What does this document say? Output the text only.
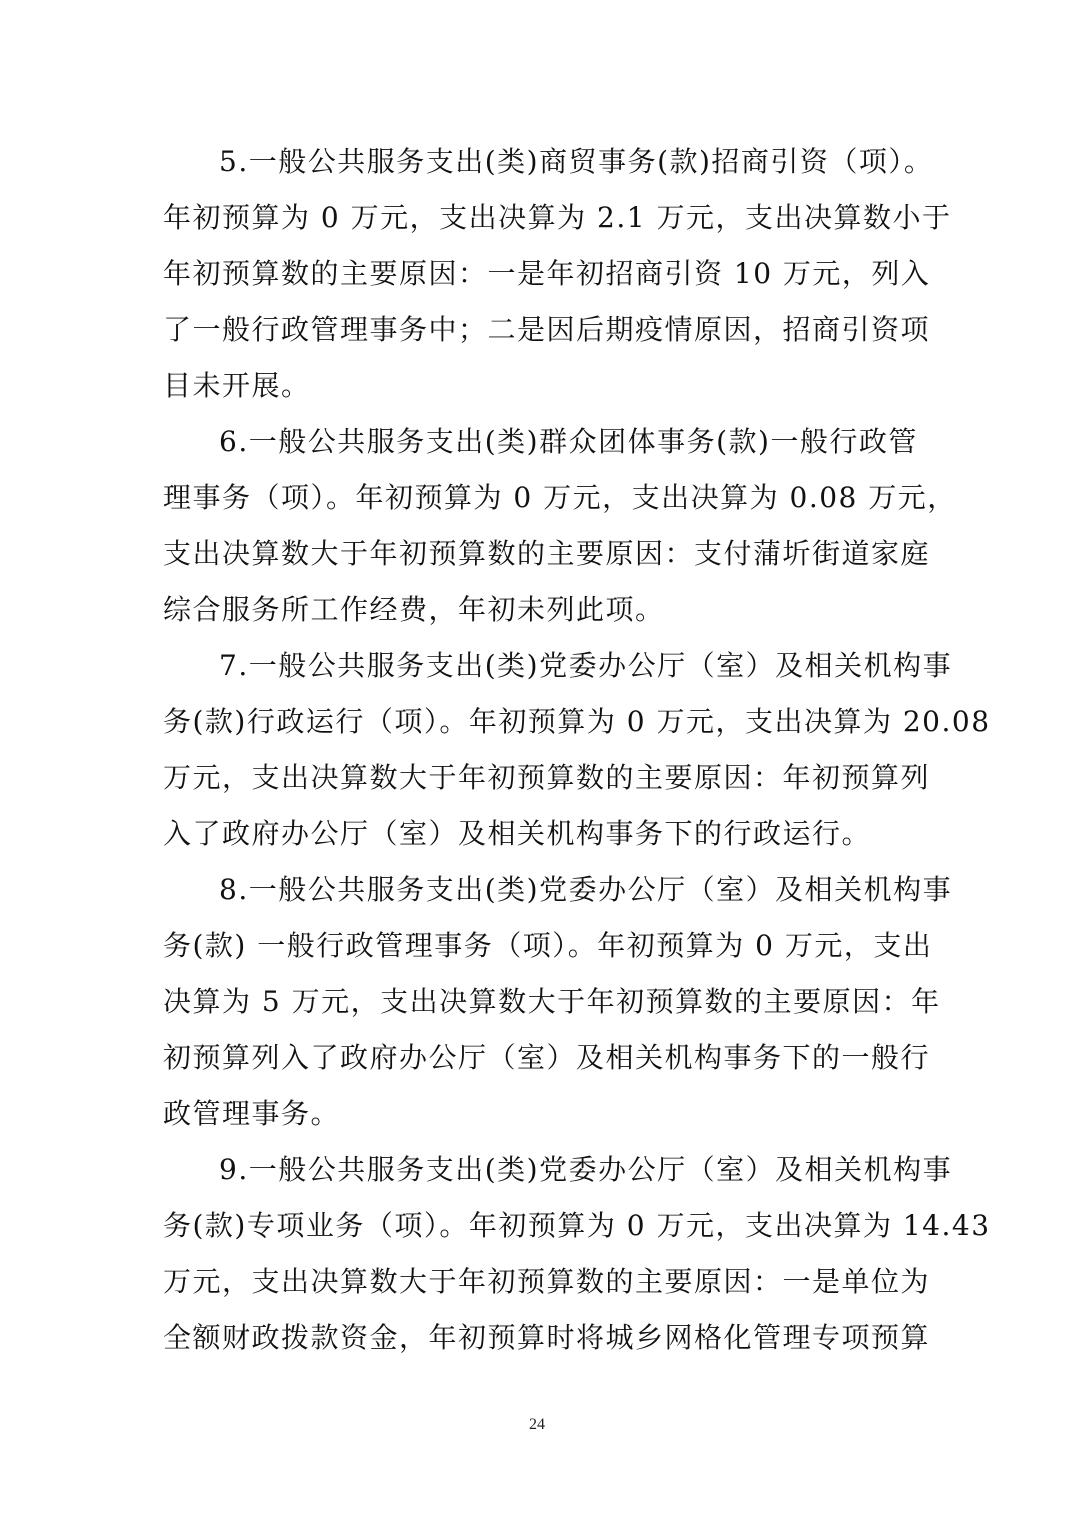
5.一般公共服务支出(类)商贸事务(款)招商引资（项）。
年初预算为 0 万元，支出决算为 2.1 万元，支出决算数小于
年初预算数的主要原因：一是年初招商引资 10 万元，列入
了一般行政管理事务中；二是因后期疫情原因，招商引资项
目未开展。
6.一般公共服务支出(类)群众团体事务(款)一般行政管
理事务（项）。年初预算为 0 万元，支出决算为 0.08 万元，
支出决算数大于年初预算数的主要原因：支付蒲圻街道家庭
综合服务所工作经费，年初未列此项。
7.一般公共服务支出(类)党委办公厅（室）及相关机构事
务(款)行政运行（项）。年初预算为 0 万元，支出决算为 20.08
万元，支出决算数大于年初预算数的主要原因：年初预算列
入了政府办公厅（室）及相关机构事务下的行政运行。
8.一般公共服务支出(类)党委办公厅（室）及相关机构事
务(款) 一般行政管理事务（项）。年初预算为 0 万元，支出
决算为 5 万元，支出决算数大于年初预算数的主要原因：年
初预算列入了政府办公厅（室）及相关机构事务下的一般行
政管理事务。
9.一般公共服务支出(类)党委办公厅（室）及相关机构事
务(款)专项业务（项）。年初预算为 0 万元，支出决算为 14.43
万元，支出决算数大于年初预算数的主要原因：一是单位为
全额财政拨款资金，年初预算时将城乡网格化管理专项预算
24
